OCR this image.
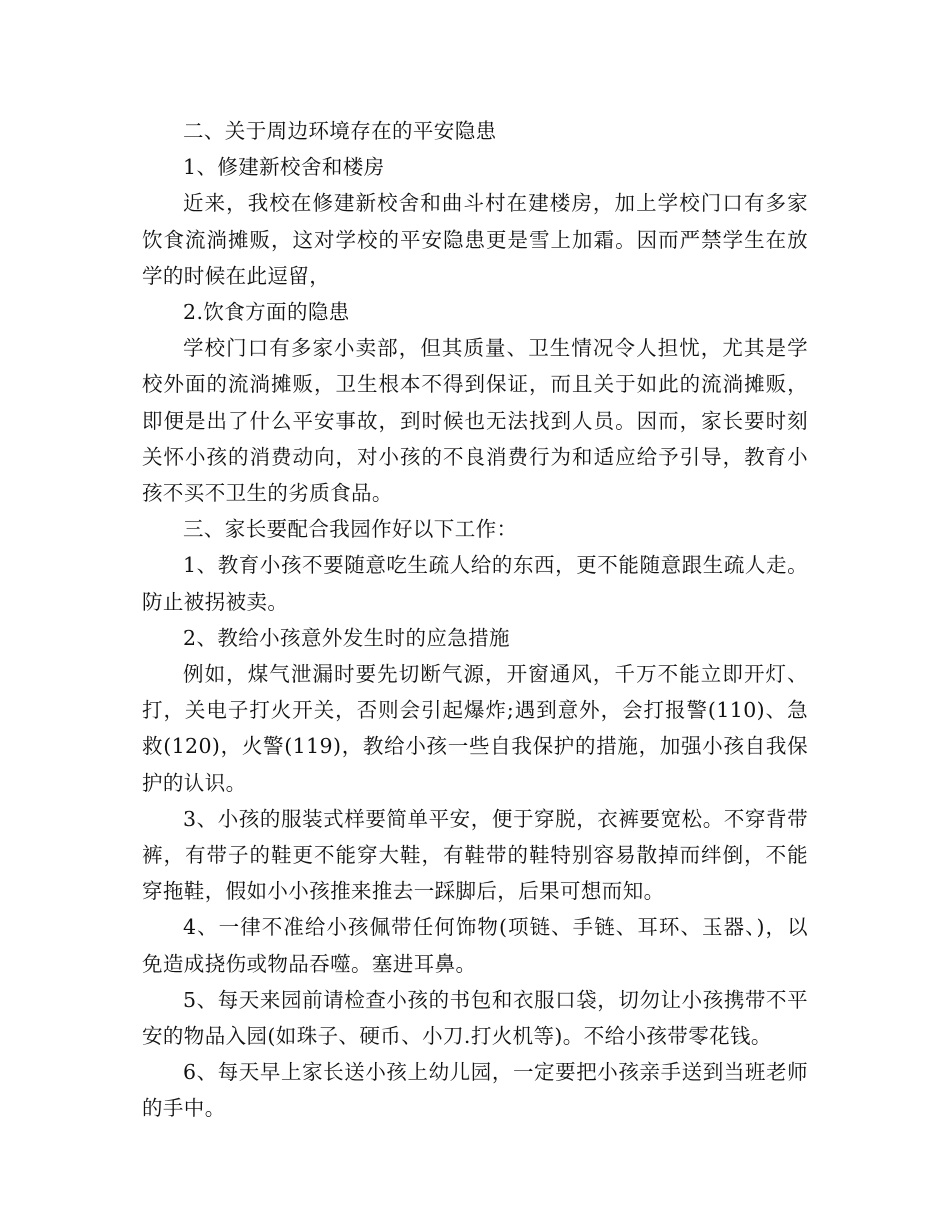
二、关于周边环境存在的平安隐患

1、修建新校舍和楼房

近来，我校在修建新校舍和曲斗村在建楼房，加上学校门口有多家饮食流淌摊贩，这对学校的平安隐患更是雪上加霜。因而严禁学生在放学的时候在此逗留，

2.饮食方面的隐患

学校门口有多家小卖部，但其质量、卫生情况令人担忧，尤其是学校外面的流淌摊贩，卫生根本不得到保证，而且关于如此的流淌摊贩，即便是出了什么平安事故，到时候也无法找到人员。因而，家长要时刻关怀小孩的消费动向，对小孩的不良消费行为和适应给予引导，教育小孩不买不卫生的劣质食品。

三、家长要配合我园作好以下工作：

1、教育小孩不要随意吃生疏人给的东西，更不能随意跟生疏人走。防止被拐被卖。

2、教给小孩意外发生时的应急措施

例如，煤气泄漏时要先切断气源，开窗通风，千万不能立即开灯、打，关电子打火开关，否则会引起爆炸;遇到意外，会打报警(110)、急救(120)，火警(119)，教给小孩一些自我保护的措施，加强小孩自我保护的认识。

3、小孩的服装式样要简单平安，便于穿脱，衣裤要宽松。不穿背带裤，有带子的鞋更不能穿大鞋，有鞋带的鞋特别容易散掉而绊倒，不能穿拖鞋，假如小小孩推来推去一踩脚后，后果可想而知。

4、一律不准给小孩佩带任何饰物(项链、手链、耳环、玉器、)，以免造成挠伤或物品吞噬。塞进耳鼻。

5、每天来园前请检查小孩的书包和衣服口袋，切勿让小孩携带不平安的物品入园(如珠子、硬币、小刀.打火机等)。不给小孩带零花钱。

6、每天早上家长送小孩上幼儿园，一定要把小孩亲手送到当班老师的手中。
